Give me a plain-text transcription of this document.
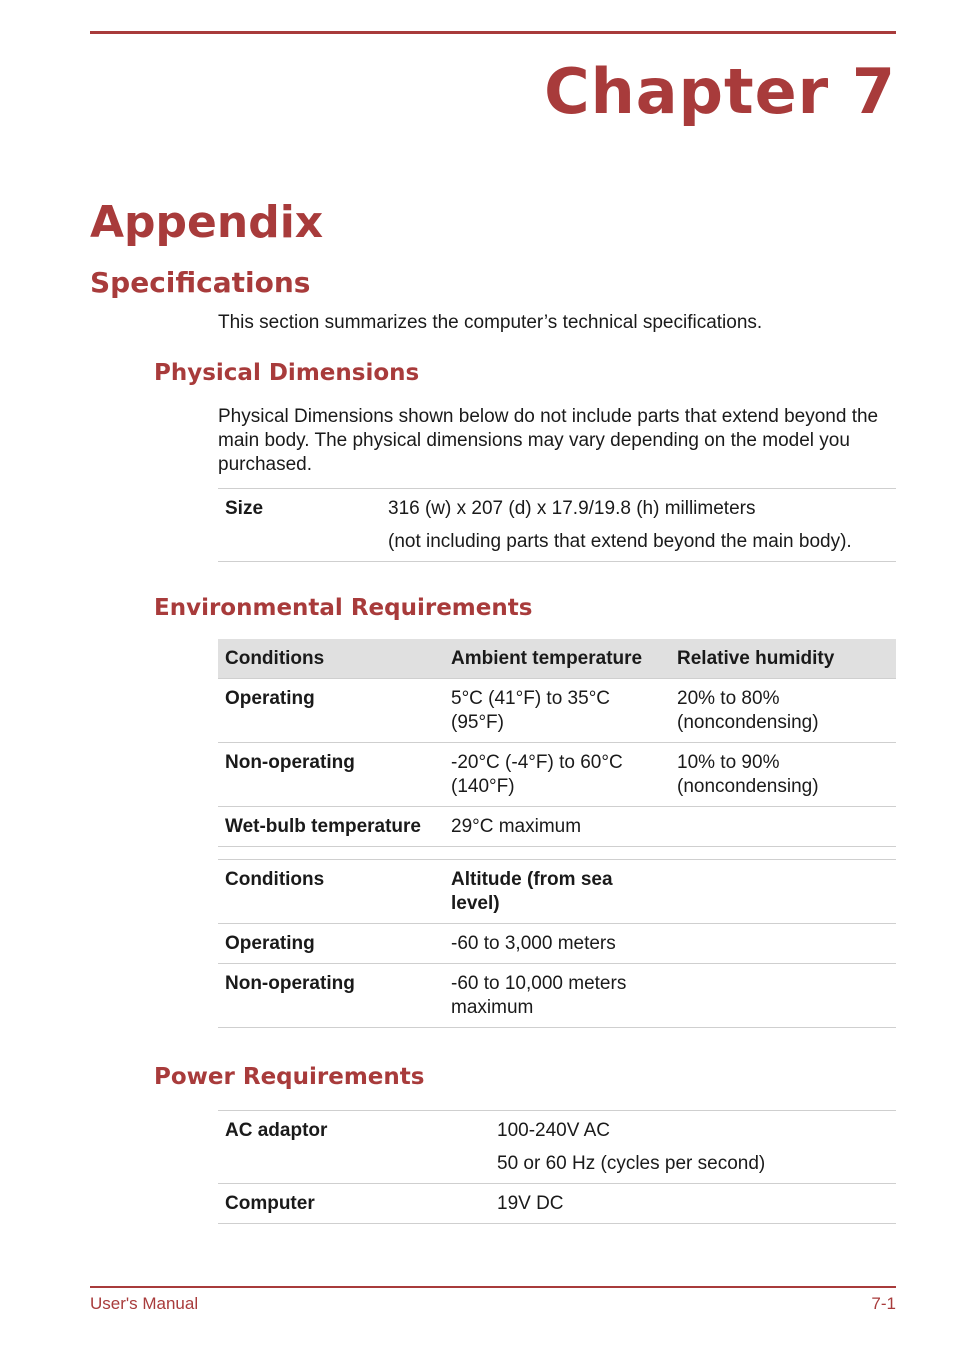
Chapter 7
Appendix
Specifications

This section summarizes the computer’s technical specifications.

Physical Dimensions

Physical Dimensions shown below do not include parts that extend beyond the main body. The physical dimensions may vary depending on the model you purchased.

Size	316 (w) x 207 (d) x 17.9/19.8 (h) millimeters
(not including parts that extend beyond the main body).
Environmental Requirements
Conditions	Ambient temperature	Relative humidity
Operating	5°C (41°F) to 35°C (95°F)	20% to 80% (noncondensing)
Non-operating	-20°C (-4°F) to 60°C (140°F)	10% to 90% (noncondensing)
Wet-bulb temperature	29°C maximum	

Conditions	Altitude (from sea level)	
Operating	-60 to 3,000 meters	
Non-operating	-60 to 10,000 meters maximum	
Power Requirements
AC adaptor	100-240V AC
50 or 60 Hz (cycles per second)

Computer	19V DC
User's Manual	7-1
